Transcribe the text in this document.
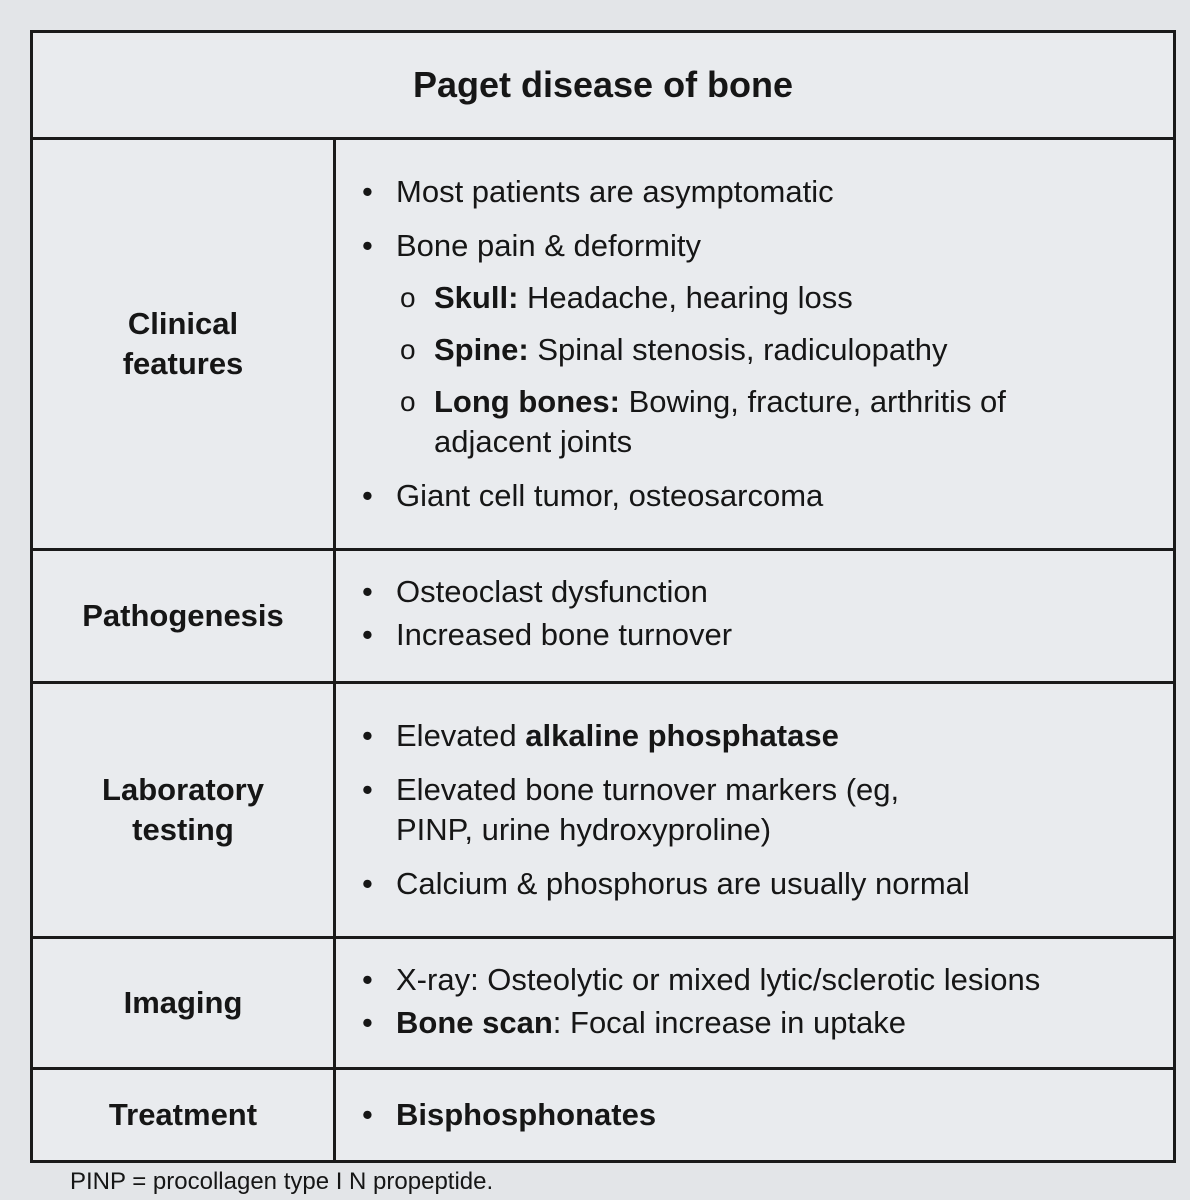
Paget disease of bone
Clinical
features
• Most patients are asymptomatic
• Bone pain & deformity
o Skull: Headache, hearing loss
o Spine: Spinal stenosis, radiculopathy
o Long bones: Bowing, fracture, arthritis of adjacent joints
• Giant cell tumor, osteosarcoma
Pathogenesis
• Osteoclast dysfunction
• Increased bone turnover
Laboratory
testing
• Elevated alkaline phosphatase
• Elevated bone turnover markers (eg, PINP, urine hydroxyproline)
• Calcium & phosphorus are usually normal
Imaging
• X-ray: Osteolytic or mixed lytic/sclerotic lesions
• Bone scan: Focal increase in uptake
Treatment	• Bisphosphonates
PINP = procollagen type I N propeptide.
